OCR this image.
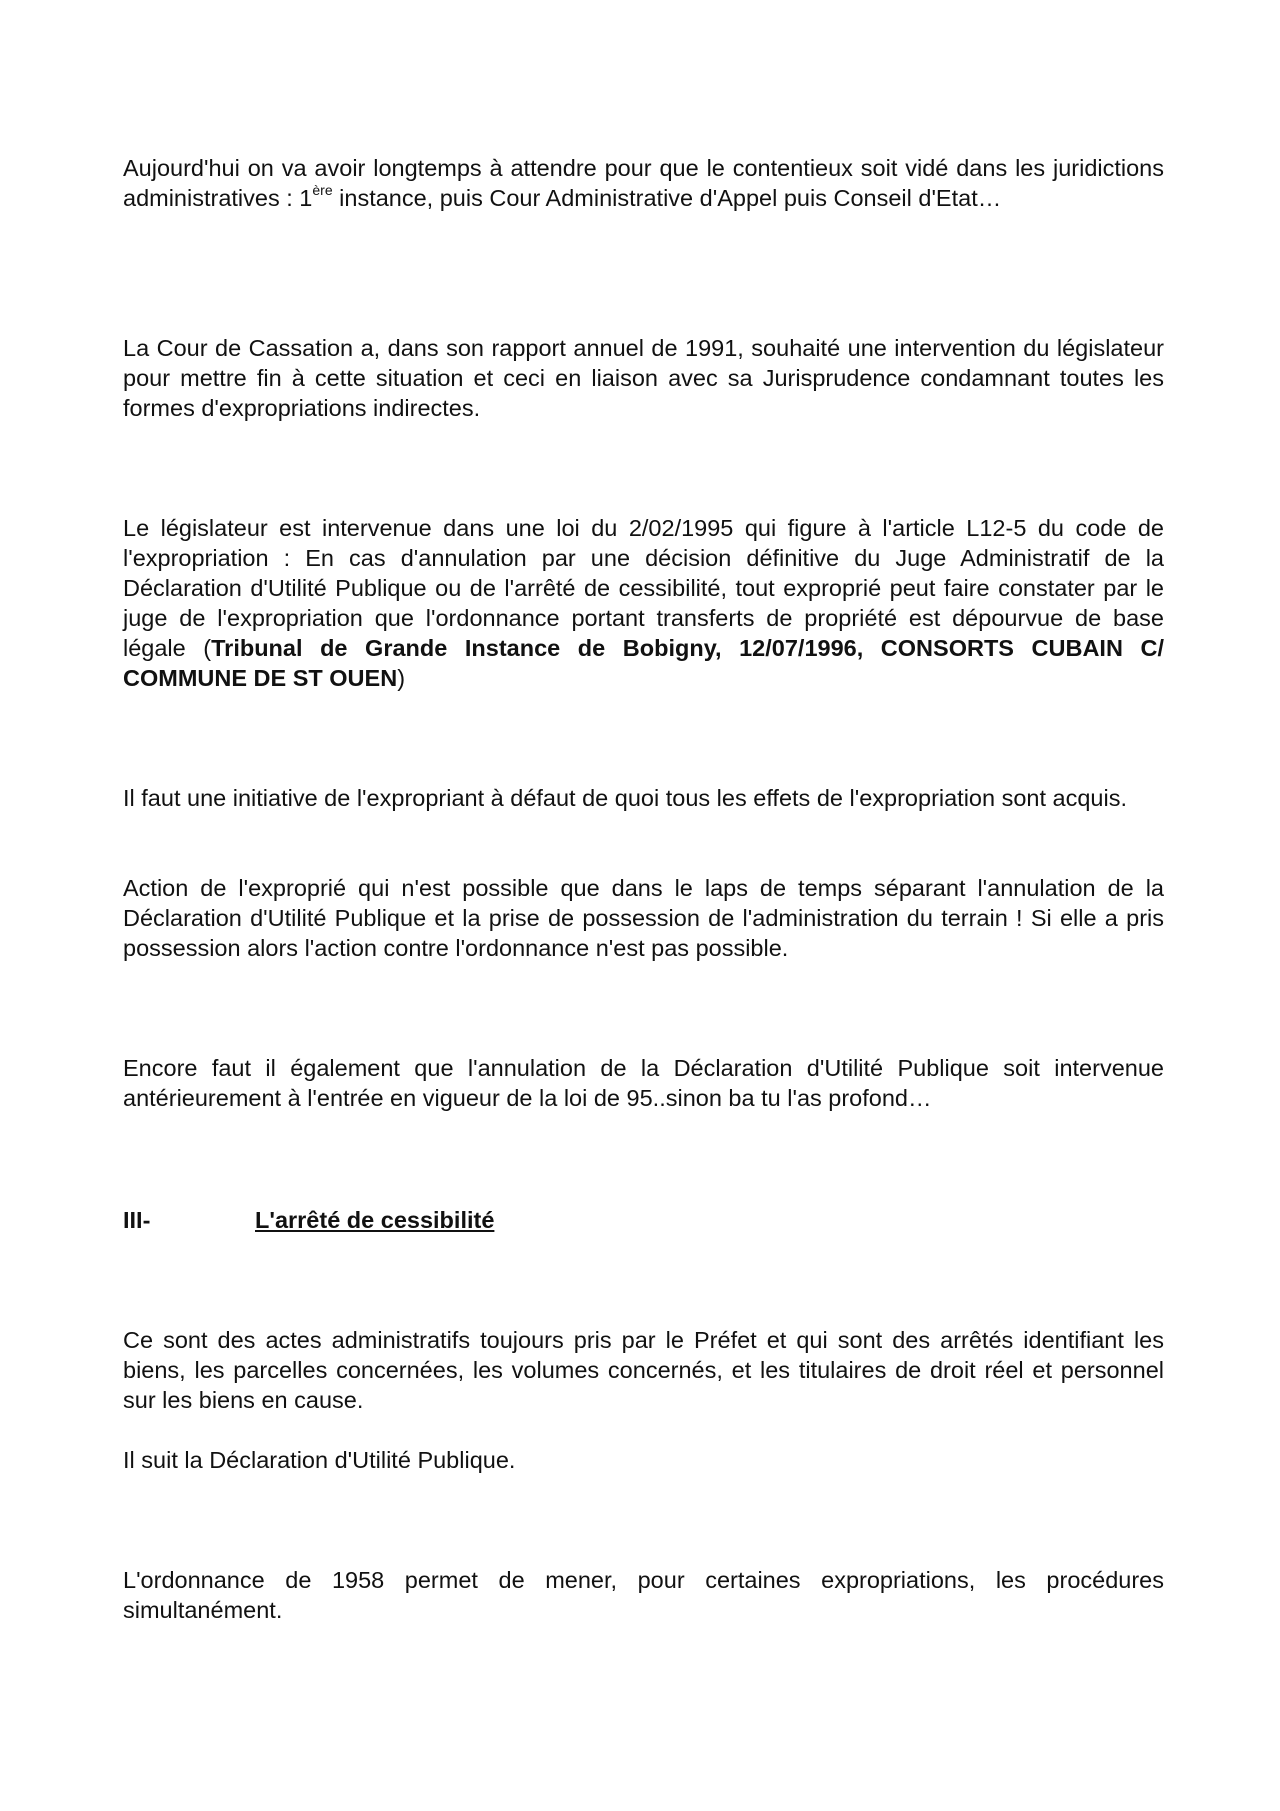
Aujourd'hui on va avoir longtemps à attendre pour que le contentieux soit vidé dans les juridictions administratives : 1ère instance, puis Cour Administrative d'Appel puis Conseil d'Etat…

La Cour de Cassation a, dans son rapport annuel de 1991, souhaité une intervention du législateur pour mettre fin à cette situation et ceci en liaison avec sa Jurisprudence condamnant toutes les formes d'expropriations indirectes.

Le législateur est intervenue dans une loi du 2/02/1995 qui figure à l'article L12-5 du code de l'expropriation : En cas d'annulation par une décision définitive du Juge Administratif de la Déclaration d'Utilité Publique ou de l'arrêté de cessibilité, tout exproprié peut faire constater par le juge de l'expropriation que l'ordonnance portant transferts de propriété est dépourvue de base légale (Tribunal de Grande Instance de Bobigny, 12/07/1996, CONSORTS CUBAIN C/ COMMUNE DE ST OUEN)

Il faut une initiative de l'expropriant à défaut de quoi tous les effets de l'expropriation sont acquis.

Action de l'exproprié qui n'est possible que dans le laps de temps séparant l'annulation de la Déclaration d'Utilité Publique et la prise de possession de l'administration du terrain ! Si elle a pris possession alors l'action contre l'ordonnance n'est pas possible.

Encore faut il également que l'annulation de la Déclaration d'Utilité Publique soit intervenue antérieurement à l'entrée en vigueur de la loi de 95..sinon ba tu l'as profond…

III-	L'arrêté de cessibilité

Ce sont des actes administratifs toujours pris par le Préfet et qui sont des arrêtés identifiant les biens, les parcelles concernées, les volumes concernés, et les titulaires de droit réel et personnel sur les biens en cause.

Il suit la Déclaration d'Utilité Publique.

L'ordonnance de 1958 permet de mener, pour certaines expropriations, les procédures simultanément.
